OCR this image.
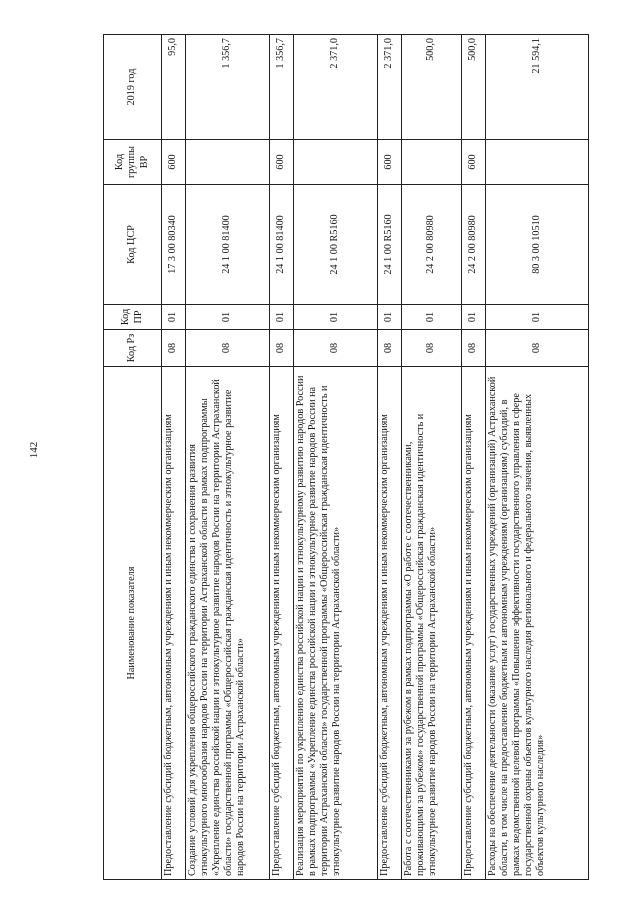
142
Наименование показателя	Код Рз	Код ПР	Код ЦСР	Код группы ВР	2019 год
Предоставление субсидий бюджетным, автономным учреждениям и иным некоммерческим организациям	08	01	17 3 00 80340	600	95,0
Создание условий для укрепления общероссийского гражданского единства и сохранения развития этнокультурного многообразия народов России на территории Астраханской области в рамках подпрограммы «Укрепление единства российской нации и этнокультурное развитие народов России на территории Астраханской области» государственной программы «Общероссийская гражданская идентичность и этнокультурное развитие народов России на территории Астраханской области»	08	01	24 1 00 81400		1 356,7
Предоставление субсидий бюджетным, автономным учреждениям и иным некоммерческим организациям	08	01	24 1 00 81400	600	1 356,7
Реализация мероприятий по укреплению единства российской нации и этнокультурному развитию народов России в рамках подпрограммы «Укрепление единства российской нации и этнокультурное развитие народов России на территории Астраханской области» государственной программы «Общероссийская гражданская идентичность и этнокультурное развитие народов России на территории Астраханской области»	08	01	24 1 00 R5160		2 371,0
Предоставление субсидий бюджетным, автономным учреждениям и иным некоммерческим организациям	08	01	24 1 00 R5160	600	2 371,0
Работа с соотечественниками за рубежом в рамках подпрограммы «О работе с соотечественниками, проживающими за рубежом» государственной программы «Общероссийская гражданская идентичность и этнокультурное развитие народов России на территории Астраханской области»	08	01	24 2 00 80980		500,0
Предоставление субсидий бюджетным, автономным учреждениям и иным некоммерческим организациям	08	01	24 2 00 80980	600	500,0
Расходы на обеспечение деятельности (оказание услуг) государственных учреждений (организаций) Астраханской области, в том числе на предоставление бюджетным и автономным учреждениям (организациям) субсидий, в рамках ведомственной целевой программы «Повышение эффективности государственного управления в сфере государственной охраны объектов культурного наследия регионального и федерального значения, выявленных объектов культурного наследия»	08	01	80 3 00 10510		21 594,1
